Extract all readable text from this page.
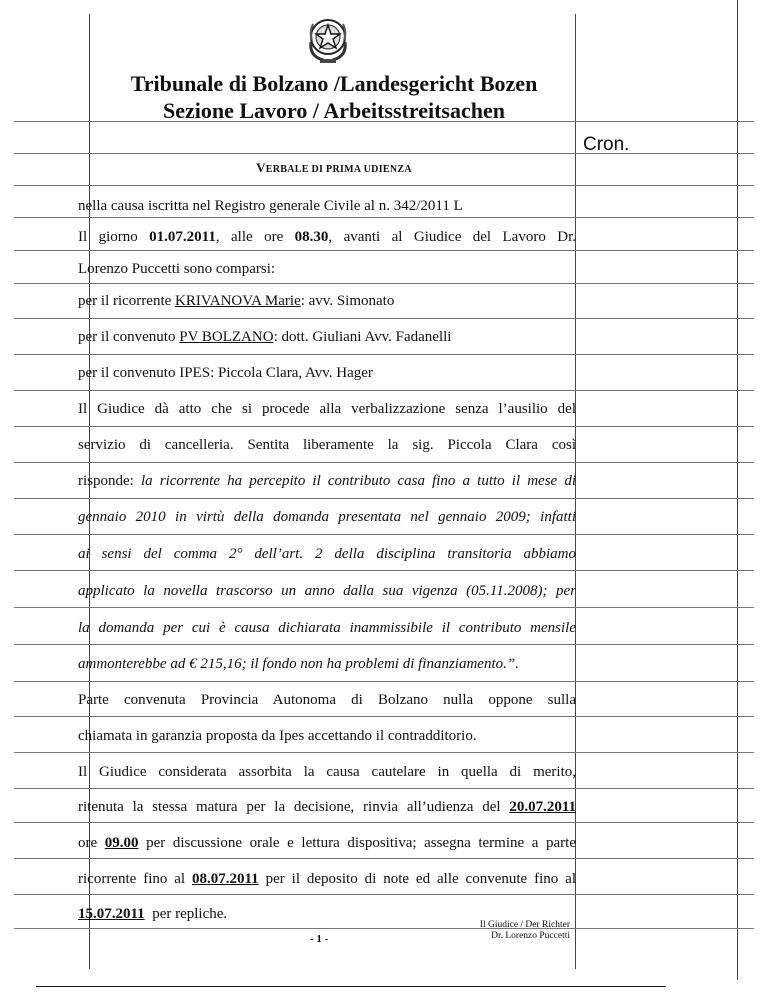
Tribunale di Bolzano /Landesgericht Bozen
Sezione Lavoro / Arbeitsstreitsachen
Cron.
VERBALE DI PRIMA UDIENZA
nella causa iscritta nel Registro generale Civile al n. 342/2011 L
Il giorno 01.07.2011, alle ore 08.30, avanti al Giudice del Lavoro Dr.
Lorenzo Puccetti sono comparsi:
per il ricorrente KRIVANOVA Marie: avv. Simonato
per il convenuto PV BOLZANO: dott. Giuliani Avv. Fadanelli
per il convenuto IPES: Piccola Clara, Avv. Hager
Il Giudice dà atto che si procede alla verbalizzazione senza l’ausilio del
servizio di cancelleria. Sentita liberamente la sig. Piccola Clara così
risponde: la ricorrente ha percepito il contributo casa fino a tutto il mese di
gennaio 2010 in virtù della domanda presentata nel gennaio 2009; infatti
ai sensi del comma 2° dell’art. 2 della disciplina transitoria abbiamo
applicato la novella trascorso un anno dalla sua vigenza (05.11.2008); per
la domanda per cui è causa dichiarata inammissibile il contributo mensile
ammonterebbe ad € 215,16; il fondo non ha problemi di finanziamento.”.
Parte convenuta Provincia Autonoma di Bolzano nulla oppone sulla
chiamata in garanzia proposta da Ipes accettando il contradditorio.
Il Giudice considerata assorbita la causa cautelare in quella di merito,
ritenuta la stessa matura per la decisione, rinvia all’udienza del 20.07.2011
ore 09.00 per discussione orale e lettura dispositiva; assegna termine a parte
ricorrente fino al 08.07.2011 per il deposito di note ed alle convenute fino al
15.07.2011  per repliche.
Il Giudice / Der Richter
Dr. Lorenzo Puccetti
- 1 -
